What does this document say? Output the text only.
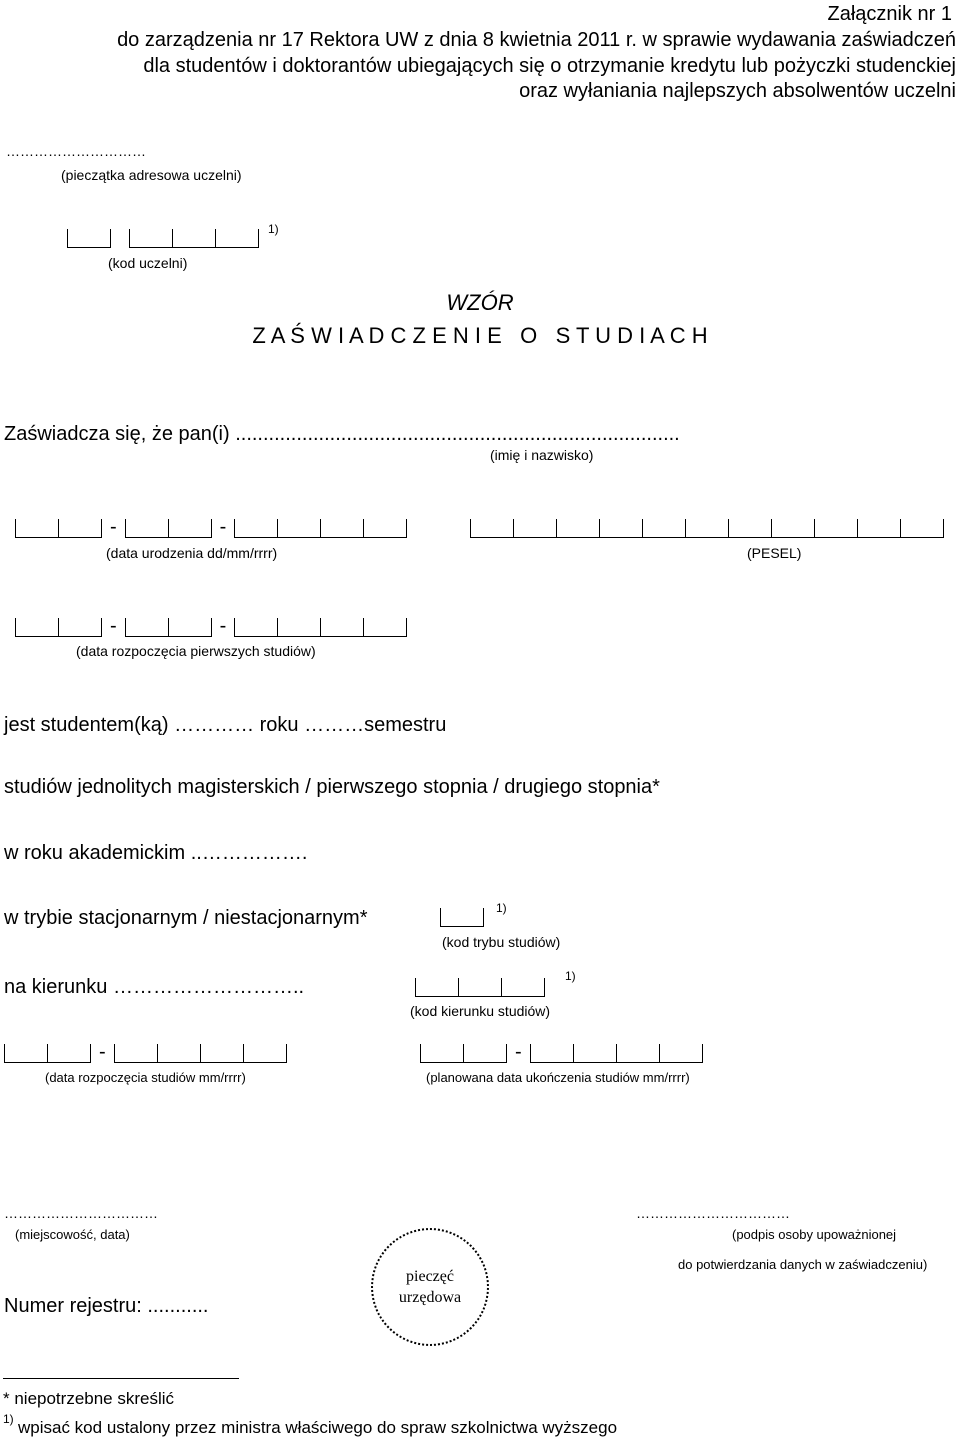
Załącznik nr 1
do zarządzenia nr 17 Rektora UW z dnia 8 kwietnia 2011 r. w sprawie wydawania zaświadczeń
dla studentów i doktorantów ubiegających się o otrzymanie kredytu lub pożyczki studenckiej
oraz wyłaniania najlepszych absolwentów uczelni
…………………………
(pieczątka adresowa uczelni)
1)
(kod uczelni)
WZÓR
Z A Ś W I A D C Z E N I E   O   S T U D I A C H
Zaświadcza się, że pan(i) ................................................................................
(imię i nazwisko)
-	-
(data urodzenia dd/mm/rrrr)	(PESEL)
-	-
(data rozpoczęcia pierwszych studiów)
jest studentem(ką) ………… roku ………semestru
studiów jednolitych magisterskich / pierwszego stopnia / drugiego stopnia*
w roku akademickim ..…………….
w trybie stacjonarnym / niestacjonarnym*	1)
(kod trybu studiów)
na kierunku ………………………..	1)
(kod kierunku studiów)
-
(data rozpoczęcia studiów mm/rrrr)
-
(planowana data ukończenia studiów mm/rrrr)
……………………………
(miejscowość, data)
……………………………
(podpis osoby upoważnionej
do potwierdzania danych w zaświadczeniu)
pieczęć
urzędowa
Numer rejestru: ...........
* niepotrzebne skreślić
1) wpisać kod ustalony przez ministra właściwego do spraw szkolnictwa wyższego
